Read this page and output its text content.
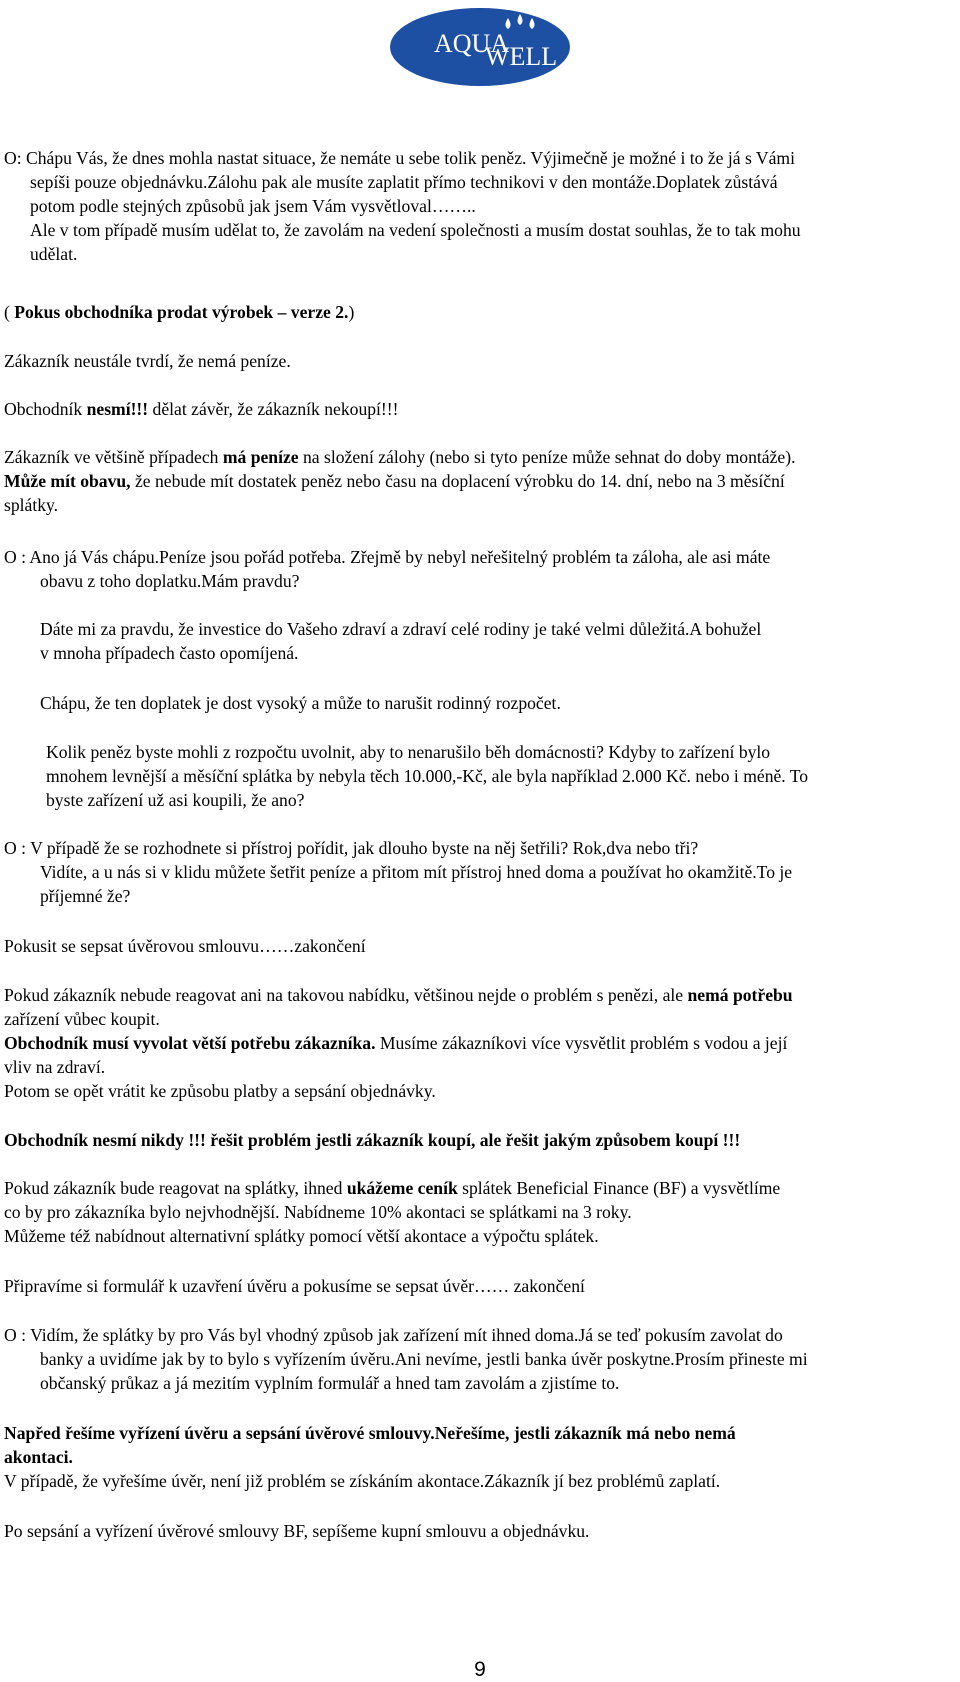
AQUA
WELL
O: Chápu Vás, že dnes mohla nastat situace, že nemáte u sebe tolik peněz. Výjimečně je možné i to že já s Vámi
sepíši pouze objednávku.Zálohu pak ale musíte zaplatit přímo technikovi v den montáže.Doplatek zůstává
potom podle stejných způsobů jak jsem Vám vysvětloval……..
Ale v tom případě musím udělat to, že zavolám na vedení společnosti a musím dostat souhlas, že to tak mohu
udělat.
( Pokus obchodníka prodat výrobek – verze 2.)
Zákazník neustále tvrdí, že nemá peníze.
Obchodník nesmí!!! dělat závěr, že zákazník nekoupí!!!
Zákazník ve většině případech má peníze na složení zálohy (nebo si tyto peníze může sehnat do doby montáže).
Může mít obavu, že nebude mít dostatek peněz nebo času na doplacení výrobku do 14. dní, nebo na 3 měsíční
splátky.
O : Ano já Vás chápu.Peníze jsou pořád potřeba. Zřejmě by nebyl neřešitelný problém ta záloha, ale asi máte
obavu z toho doplatku.Mám pravdu?
Dáte mi za pravdu, že investice do Vašeho zdraví a zdraví celé rodiny je také velmi důležitá.A bohužel
v mnoha případech často opomíjená.
Chápu, že ten doplatek je dost vysoký a může to narušit rodinný rozpočet.
Kolik peněz byste mohli z rozpočtu uvolnit, aby to nenarušilo běh domácnosti? Kdyby to zařízení bylo
mnohem levnější a měsíční splátka by nebyla těch 10.000,-Kč, ale byla například 2.000 Kč. nebo i méně. To
byste zařízení už asi koupili, že ano?
O : V případě že se rozhodnete si přístroj pořídit, jak dlouho byste na něj šetřili? Rok,dva nebo tři?
Vidíte, a u nás si v klidu můžete šetřit peníze a přitom mít přístroj hned doma a používat ho okamžitě.To je
příjemné že?
Pokusit se sepsat úvěrovou smlouvu……zakončení
Pokud zákazník nebude reagovat ani na takovou nabídku, většinou nejde o problém s penězi, ale nemá potřebu
zařízení vůbec koupit.
Obchodník musí vyvolat větší potřebu zákazníka. Musíme zákazníkovi více vysvětlit problém s vodou a její
vliv na zdraví.
Potom se opět vrátit ke způsobu platby a sepsání objednávky.
Obchodník nesmí nikdy !!! řešit problém jestli zákazník koupí, ale řešit jakým způsobem koupí !!!
Pokud zákazník bude reagovat na splátky, ihned ukážeme ceník splátek Beneficial Finance (BF) a vysvětlíme
co by pro zákazníka bylo nejvhodnější. Nabídneme 10% akontaci se splátkami na 3 roky.
Můžeme též nabídnout alternativní splátky pomocí větší akontace a výpočtu splátek.
Připravíme si formulář k uzavření úvěru a pokusíme se sepsat úvěr…… zakončení
O : Vidím, že splátky by pro Vás byl vhodný způsob jak zařízení mít ihned doma.Já se teď pokusím zavolat do
banky a uvidíme jak by to bylo s vyřízením úvěru.Ani nevíme, jestli banka úvěr poskytne.Prosím přineste mi
občanský průkaz a já mezitím vyplním formulář a hned tam zavolám a zjistíme to.
Napřed řešíme vyřízení úvěru a sepsání úvěrové smlouvy.Neřešíme, jestli zákazník má nebo nemá
akontaci.
V případě, že vyřešíme úvěr, není již problém se získáním akontace.Zákazník jí bez problémů zaplatí.
Po sepsání a vyřízení úvěrové smlouvy BF, sepíšeme kupní smlouvu a objednávku.
9
